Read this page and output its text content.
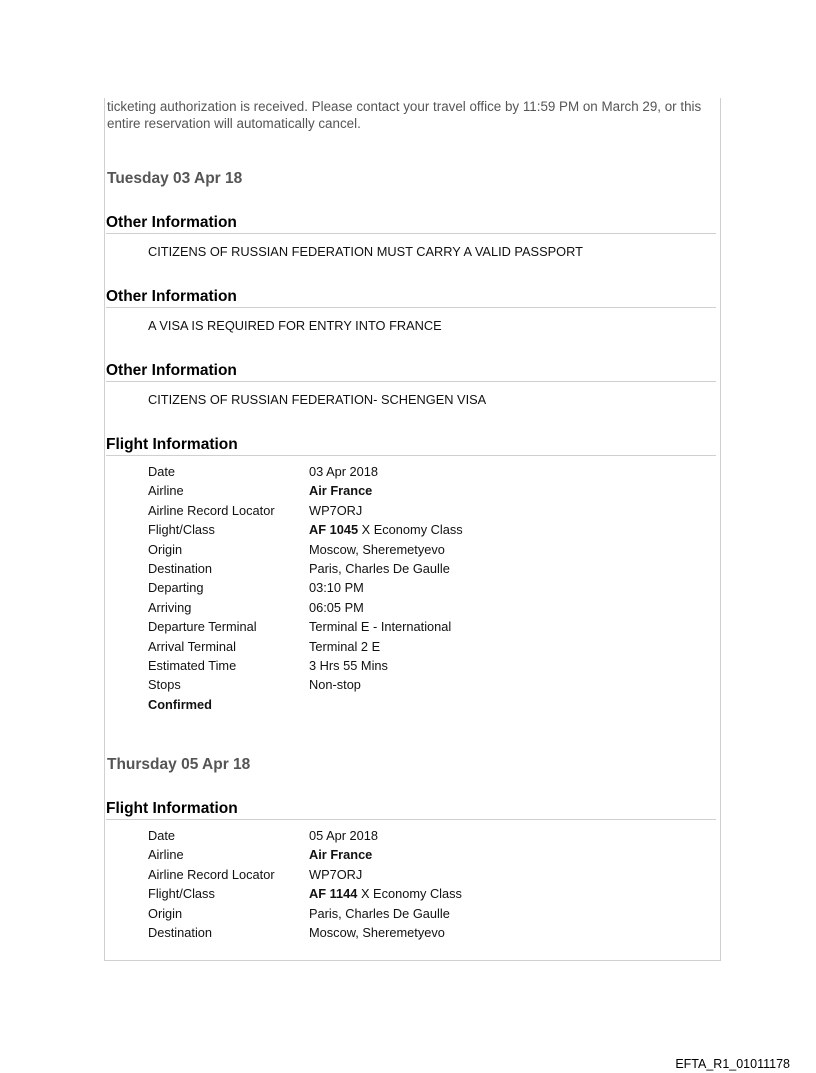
ticketing authorization is received. Please contact your travel office by 11:59 PM on March 29, or this entire reservation will automatically cancel.
Tuesday 03 Apr 18
Other Information
CITIZENS OF RUSSIAN FEDERATION MUST CARRY A VALID PASSPORT
Other Information
A VISA IS REQUIRED FOR ENTRY INTO FRANCE
Other Information
CITIZENS OF RUSSIAN FEDERATION- SCHENGEN VISA
Flight Information
Date	03 Apr 2018
Airline	Air France
Airline Record Locator	WP7ORJ
Flight/Class	AF 1045 X Economy Class
Origin	Moscow, Sheremetyevo
Destination	Paris, Charles De Gaulle
Departing	03:10 PM
Arriving	06:05 PM
Departure Terminal	Terminal E - International
Arrival Terminal	Terminal 2 E
Estimated Time	3 Hrs 55 Mins
Stops	Non-stop
Confirmed
Thursday 05 Apr 18
Flight Information
Date	05 Apr 2018
Airline	Air France
Airline Record Locator	WP7ORJ
Flight/Class	AF 1144 X Economy Class
Origin	Paris, Charles De Gaulle
Destination	Moscow, Sheremetyevo
EFTA_R1_01011178
